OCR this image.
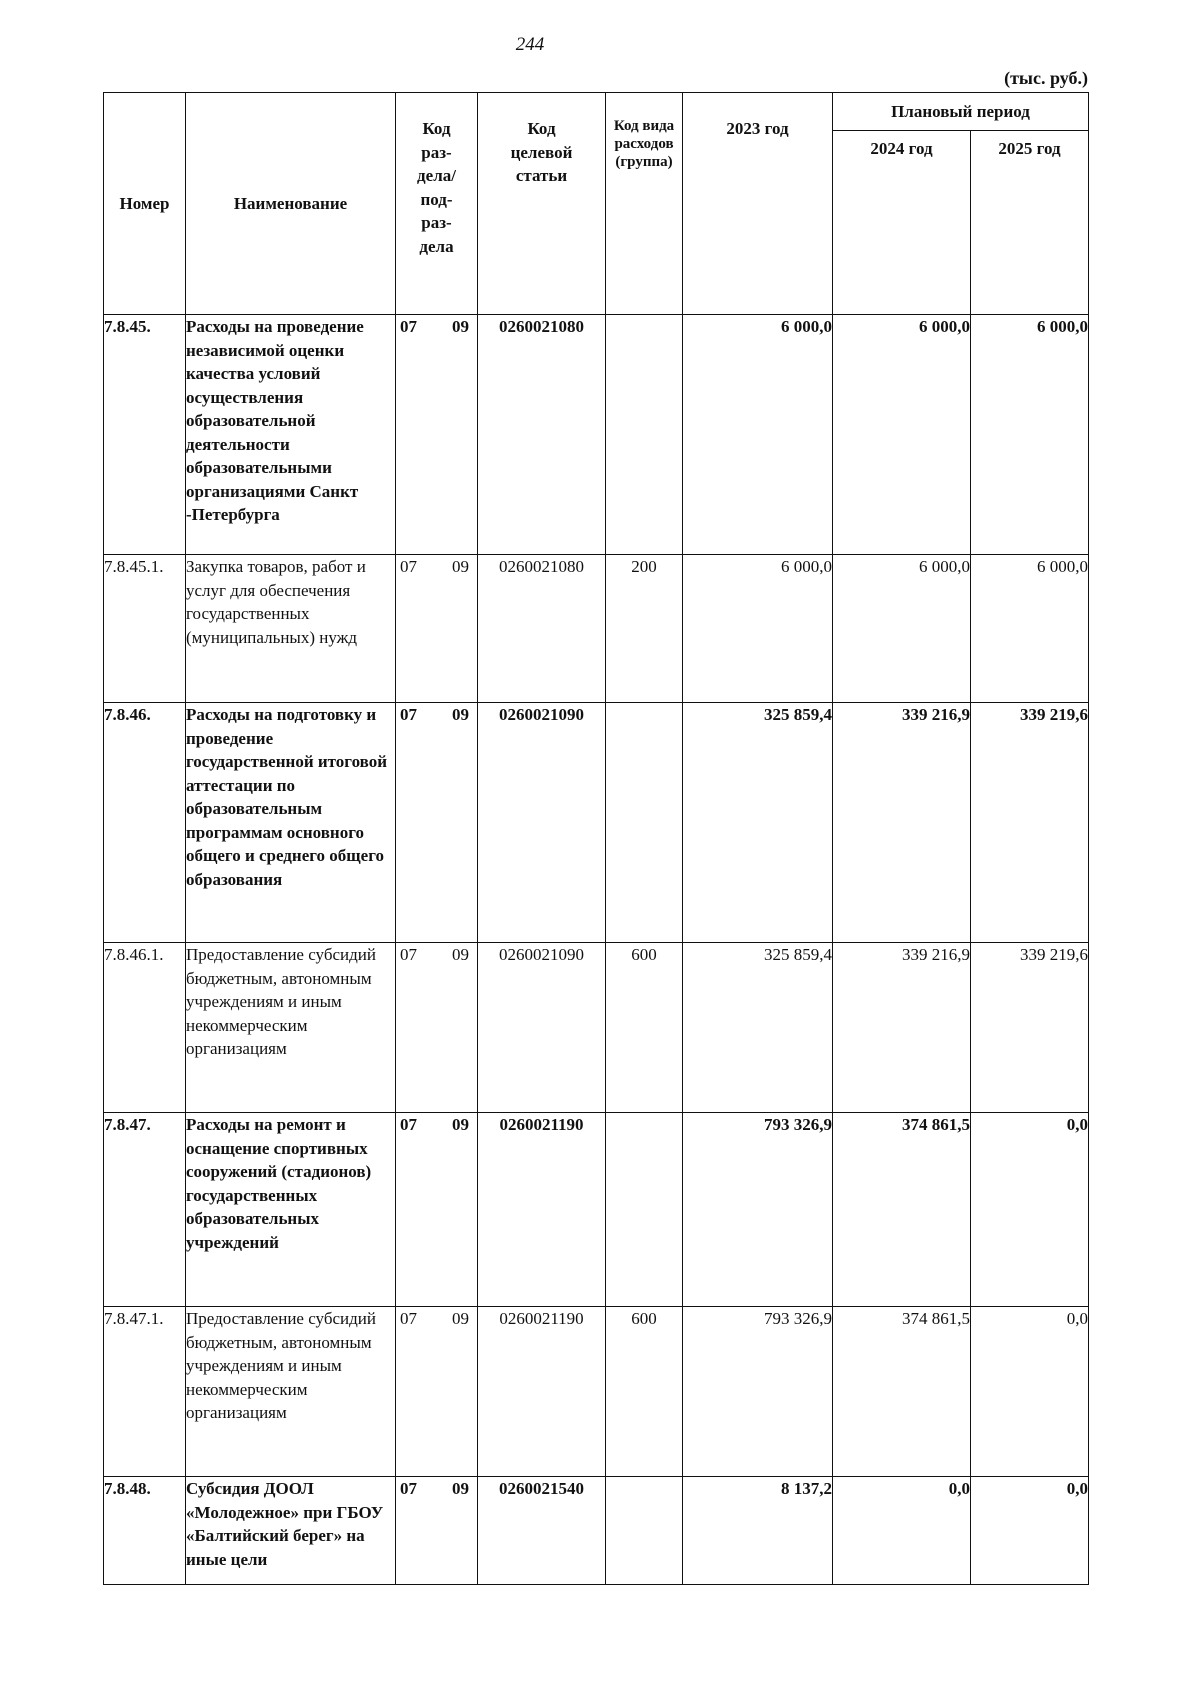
244
(тыс. руб.)
Номер	Наименование	Код раз-дела/ под-раз-дела	Код целевой статьи	Код вида расходов (группа)	2023 год	Плановый период	
						2024 год	2025 год
7.8.45.	Расходы на проведение независимой оценки качества условий осуществления образовательной деятельности образовательными организациями Санкт -Петербурга	07 09	0260021080		6 000,0	6 000,0	6 000,0
7.8.45.1.	Закупка товаров, работ и услуг для обеспечения государственных (муниципальных) нужд	07 09	0260021080	200	6 000,0	6 000,0	6 000,0
7.8.46.	Расходы на подготовку и проведение государственной итоговой аттестации по образовательным программам основного общего и среднего общего образования	07 09	0260021090		325 859,4	339 216,9	339 219,6
7.8.46.1.	Предоставление субсидий бюджетным, автономным учреждениям и иным некоммерческим организациям	07 09	0260021090	600	325 859,4	339 216,9	339 219,6
7.8.47.	Расходы на ремонт и оснащение спортивных сооружений (стадионов) государственных образовательных учреждений	07 09	0260021190		793 326,9	374 861,5	0,0
7.8.47.1.	Предоставление субсидий бюджетным, автономным учреждениям и иным некоммерческим организациям	07 09	0260021190	600	793 326,9	374 861,5	0,0
7.8.48.	Субсидия ДООЛ «Молодежное» при ГБОУ «Балтийский берег» на иные цели	07 09	0260021540		8 137,2	0,0	0,0
